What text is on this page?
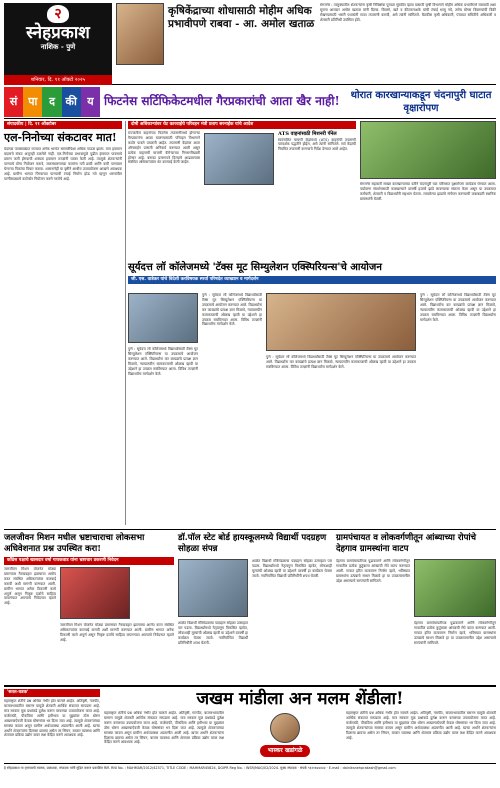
२
स्नेहप्रकाश
नाशिक - पुणे
शनिवार, दि. ११ ऑक्टो २०२५
कृषिकेंद्राच्या शोधासाठी मोहीम अधिक प्रभावीपणे राबवा - आ. अमोल खताळ
संगमनेर : तालुक्यातील शेतकऱ्यांना कृषी निविष्ठांचा पुरवठा सुरळीत व्हावा यासाठी कृषी विभागाने मोहीम अधिक प्रभावीपणे राबवावी अशा सूचना आमदार अमोल खताळ यांनी दिल्या. बियाणे, खते व कीटकनाशके यांची टंचाई भासू नये, तसेच बोगस बियाण्यांची विक्री रोखण्यासाठी भरारी पथकांनी सतत तपासणी करावी, असे त्यांनी सांगितले. बैठकीस कृषी अधिकारी, पंचायत समितीचे अधिकारी व शेतकरी प्रतिनिधी उपस्थित होते.
सं पा	द की य फिटनेस सर्टिफिकेटमधील गैरप्रकारांची आता खैर नाही!	थोरात कारखान्याकडून चंदनापुरी घाटात वृक्षारोपण
संपादकीय | दि. ११ ऑक्टोबर
एल-निनोच्या संकटावर मात!
यंदाच्या पावसाळ्यात राज्यात अनेक भागांत सरासरीपेक्षा अधिक पाऊस झाला. मात्र हवामान बदलाचे संकट अजूनही टळलेले नाही. एल-निनोच्या प्रभावामुळे पुढील हंगामात पावसाचे प्रमाण कमी होण्याची शक्यता हवामान तज्ज्ञांनी व्यक्त केली आहे. त्यामुळे शेतकऱ्यांनी पाण्याचे योग्य नियोजन करावे, जलसंधारणाच्या कामांना गती द्यावी आणि कमी पाण्यावर येणाऱ्या पिकांचा विचार करावा. शासनानेही या दृष्टीने आधीच उपाययोजना आखणे आवश्यक आहे. ग्रामीण भागात पिण्याच्या पाण्याची टंचाई निर्माण होऊ नये म्हणून धरणांतील पाणीसाठ्याचे काटेकोर नियोजन करणे गरजेचे आहे.
दोषी अधिकाऱ्यांवर थेट कारवाईचे परिवहन मंत्री प्रताप सरनाईक यांचे आदेश
राज्यातील वाहनांच्या फिटनेस तपासणीमध्ये होणाऱ्या गैरप्रकारांना आळा घालण्यासाठी परिवहन विभागाने कठोर पावले उचलली आहेत. तपासणी केंद्रांवर आता ऑनलाईन प्रणाली अनिवार्य करण्यात आली असून प्रत्येक वाहनाची चाचणी कॅमेऱ्याच्या निगराणीखाली होणार आहे. बनावट प्रमाणपत्रे दिल्याचे आढळल्यास संबंधित अधिकाऱ्यांवर थेट कारवाई केली जाईल.
ATS वाहनांसाठी मिशनरी पॅनेल
स्वयंचलित चाचणी केंद्रांमध्ये (ATS) वाहनांची तपासणी पारदर्शक पद्धतीने होईल, असे त्यांनी सांगितले. सर्व केंद्रांची नियमित तपासणी करण्याचे निर्देश देण्यात आले आहेत.
संगमनेर सहकारी साखर कारखान्याच्या वतीने चंदनापुरी घाट परिसरात वृक्षारोपण कार्यक्रम घेण्यात आला. पर्यावरण संवर्धनासाठी कारखान्याने दरवर्षी हजारो झाडे लावण्याचा संकल्प केला असून या उपक्रमात कर्मचारी, शेतकरी व विद्यार्थ्यांनी सहभाग घेतला. लावलेल्या झाडांचे संगोपन करण्याची जबाबदारी स्थानिक ग्रामस्थांनी घेतली.
सूर्यदत्त लॉ कॉलेजमध्ये 'टॅक्स मूट सिम्युलेशन एक्स्पिरियन्स'चे आयोजन
जी. एस. वाडेकर यांचे विदेशी करविषयक स्पर्धा परिषदेत व्याख्यान व मार्गदर्शन
पुणे : सूर्यदत्त लॉ कॉलेजमध्ये विद्यार्थ्यांसाठी टॅक्स मूट सिम्युलेशन एक्स्पिरियन्स या उपक्रमाचे आयोजन करण्यात आले. विद्यार्थ्यांना कर कायद्यांचे प्रत्यक्ष ज्ञान मिळावे, न्यायालयीन कामकाजाची ओळख व्हावी या उद्देशाने हा उपक्रम राबविण्यात आला. विविध तज्ज्ञांनी विद्यार्थ्यांना मार्गदर्शन केले.
पुणे : सूर्यदत्त लॉ कॉलेजमध्ये विद्यार्थ्यांसाठी टॅक्स मूट सिम्युलेशन एक्स्पिरियन्स या उपक्रमाचे आयोजन करण्यात आले. विद्यार्थ्यांना कर कायद्यांचे प्रत्यक्ष ज्ञान मिळावे, न्यायालयीन कामकाजाची ओळख व्हावी या उद्देशाने हा उपक्रम राबविण्यात आला. विविध तज्ज्ञांनी विद्यार्थ्यांना मार्गदर्शन केले.
पुणे : सूर्यदत्त लॉ कॉलेजमध्ये विद्यार्थ्यांसाठी टॅक्स मूट सिम्युलेशन एक्स्पिरियन्स या उपक्रमाचे आयोजन करण्यात आले. विद्यार्थ्यांना कर कायद्यांचे प्रत्यक्ष ज्ञान मिळावे, न्यायालयीन कामकाजाची ओळख व्हावी या उद्देशाने हा उपक्रम राबविण्यात आला. विविध तज्ज्ञांनी विद्यार्थ्यांना मार्गदर्शन केले.
पुणे : सूर्यदत्त लॉ कॉलेजमध्ये विद्यार्थ्यांसाठी टॅक्स मूट सिम्युलेशन एक्स्पिरियन्स या उपक्रमाचे आयोजन करण्यात आले. विद्यार्थ्यांना कर कायद्यांचे प्रत्यक्ष ज्ञान मिळावे, न्यायालयीन कामकाजाची ओळख व्हावी या उद्देशाने हा उपक्रम राबविण्यात आला. विविध तज्ज्ञांनी विद्यार्थ्यांना मार्गदर्शन केले.
जलजीवन मिशन मधील भ्रष्टाचाराचा लोकसभा अधिवेशनात प्रश्न उपस्थित करा!
कॉंग्रेस पक्षाचे खासदार वर्षा गायकवाड यांना भ्रष्टाचार प्रकरणी निवेदन
जलजीवन मिशन योजनेत मोठ्या प्रमाणावर गैरव्यवहार झाल्याचा आरोप करत संबंधित अधिकाऱ्यांवर कारवाई करावी अशी मागणी करण्यात आली. ग्रामीण भागात अनेक ठिकाणी कामे अपूर्ण असून निकृष्ट दर्जाचे साहित्य वापरण्यात आल्याचे निवेदनात म्हटले आहे.
जलजीवन मिशन योजनेत मोठ्या प्रमाणावर गैरव्यवहार झाल्याचा आरोप करत संबंधित अधिकाऱ्यांवर कारवाई करावी अशी मागणी करण्यात आली. ग्रामीण भागात अनेक ठिकाणी कामे अपूर्ण असून निकृष्ट दर्जाचे साहित्य वापरण्यात आल्याचे निवेदनात म्हटले आहे.
डॉ.पॉल स्टेट बोर्ड हायस्कूलमध्ये विद्यार्थी पदग्रहण सोहळा संपन्न
शाळेत विद्यार्थी मंत्रिमंडळाचा पदग्रहण सोहळा उत्साहात पार पडला. विद्यार्थ्यांमध्ये नेतृत्वगुण विकसित व्हावेत, लोकशाही मूल्यांची ओळख व्हावी या उद्देशाने दरवर्षी हा कार्यक्रम घेतला जातो. नवनिर्वाचित विद्यार्थी प्रतिनिधींनी शपथ घेतली.
शाळेत विद्यार्थी मंत्रिमंडळाचा पदग्रहण सोहळा उत्साहात पार पडला. विद्यार्थ्यांमध्ये नेतृत्वगुण विकसित व्हावेत, लोकशाही मूल्यांची ओळख व्हावी या उद्देशाने दरवर्षी हा कार्यक्रम घेतला जातो. नवनिर्वाचित विद्यार्थी प्रतिनिधींनी शपथ घेतली.
ग्रामपंचायत व लोकवर्गणीतून आंब्याच्या रोपांचे देहगाव ग्रामस्थांना वाटप
देहगाव ग्रामपंचायतीच्या पुढाकाराने आणि लोकवर्गणीतून गावातील प्रत्येक कुटुंबाला आंब्याची रोपे वाटप करण्यात आली. गावात हरित वातावरण निर्माण व्हावे, भविष्यात ग्रामस्थांना उत्पन्नाचे साधन मिळावे हा या उपक्रमामागील उद्देश असल्याचे सरपंचांनी सांगितले.
देहगाव ग्रामपंचायतीच्या पुढाकाराने आणि लोकवर्गणीतून गावातील प्रत्येक कुटुंबाला आंब्याची रोपे वाटप करण्यात आली. गावात हरित वातावरण निर्माण व्हावे, भविष्यात ग्रामस्थांना उत्पन्नाचे साधन मिळावे हा या उपक्रमामागील उद्देश असल्याचे सरपंचांनी सांगितले.
'सतत-धडक'
महाराष्ट्रात शेतीचे प्रश्न अधिक गंभीर होत चालले आहेत. अतिवृष्टी, गारपीट, बाजारभावातील घसरण यामुळे शेतकरी आर्थिक संकटात सापडला आहे. मात्र सरकार मूळ प्रश्नांकडे दुर्लक्ष करून वरवरच्या उपाययोजना करत आहे. कर्जमाफी, पीकविमा आणि हमीभाव या मुद्द्यांवर ठोस धोरण आखण्याऐवजी केवळ घोषणांवर भर दिला जात आहे. त्यामुळे शेतकऱ्यांच्या समस्या कायम असून ग्रामीण अर्थव्यवस्था अडचणीत आली आहे. खऱ्या अर्थाने शेतकऱ्यांना दिलासा द्यायचा असेल तर सिंचन, बाजार व्यवस्था आणि शेतमाल प्रक्रिया उद्योग यावर लक्ष केंद्रित करणे आवश्यक आहे.
जखम मांडीला अन मलम शेंडीला!
महाराष्ट्रात शेतीचे प्रश्न अधिक गंभीर होत चालले आहेत. अतिवृष्टी, गारपीट, बाजारभावातील घसरण यामुळे शेतकरी आर्थिक संकटात सापडला आहे. मात्र सरकार मूळ प्रश्नांकडे दुर्लक्ष करून वरवरच्या उपाययोजना करत आहे. कर्जमाफी, पीकविमा आणि हमीभाव या मुद्द्यांवर ठोस धोरण आखण्याऐवजी केवळ घोषणांवर भर दिला जात आहे. त्यामुळे शेतकऱ्यांच्या समस्या कायम असून ग्रामीण अर्थव्यवस्था अडचणीत आली आहे. खऱ्या अर्थाने शेतकऱ्यांना दिलासा द्यायचा असेल तर सिंचन, बाजार व्यवस्था आणि शेतमाल प्रक्रिया उद्योग यावर लक्ष केंद्रित करणे आवश्यक आहे.
भास्कर खडांगळे
महाराष्ट्रात शेतीचे प्रश्न अधिक गंभीर होत चालले आहेत. अतिवृष्टी, गारपीट, बाजारभावातील घसरण यामुळे शेतकरी आर्थिक संकटात सापडला आहे. मात्र सरकार मूळ प्रश्नांकडे दुर्लक्ष करून वरवरच्या उपाययोजना करत आहे. कर्जमाफी, पीकविमा आणि हमीभाव या मुद्द्यांवर ठोस धोरण आखण्याऐवजी केवळ घोषणांवर भर दिला जात आहे. त्यामुळे शेतकऱ्यांच्या समस्या कायम असून ग्रामीण अर्थव्यवस्था अडचणीत आली आहे. खऱ्या अर्थाने शेतकऱ्यांना दिलासा द्यायचा असेल तर सिंचन, बाजार व्यवस्था आणि शेतमाल प्रक्रिया उद्योग यावर लक्ष केंद्रित करणे आवश्यक आहे.
हे स्नेहप्रकाश या वृत्तपत्राचे मालक, प्रकाशक, संपादक यांनी मुद्रित करून प्रकाशित केले. RNI No. : MAHMAR/2012/42371, TITLE CODE : MAHMAR45824, DGIPR Reg No. : WSR/MAG/02/2024. मुख्य संपादक · संपर्क ९६२०७४४४४४ · E-mail : dainiksnehprakash@gmail.com
